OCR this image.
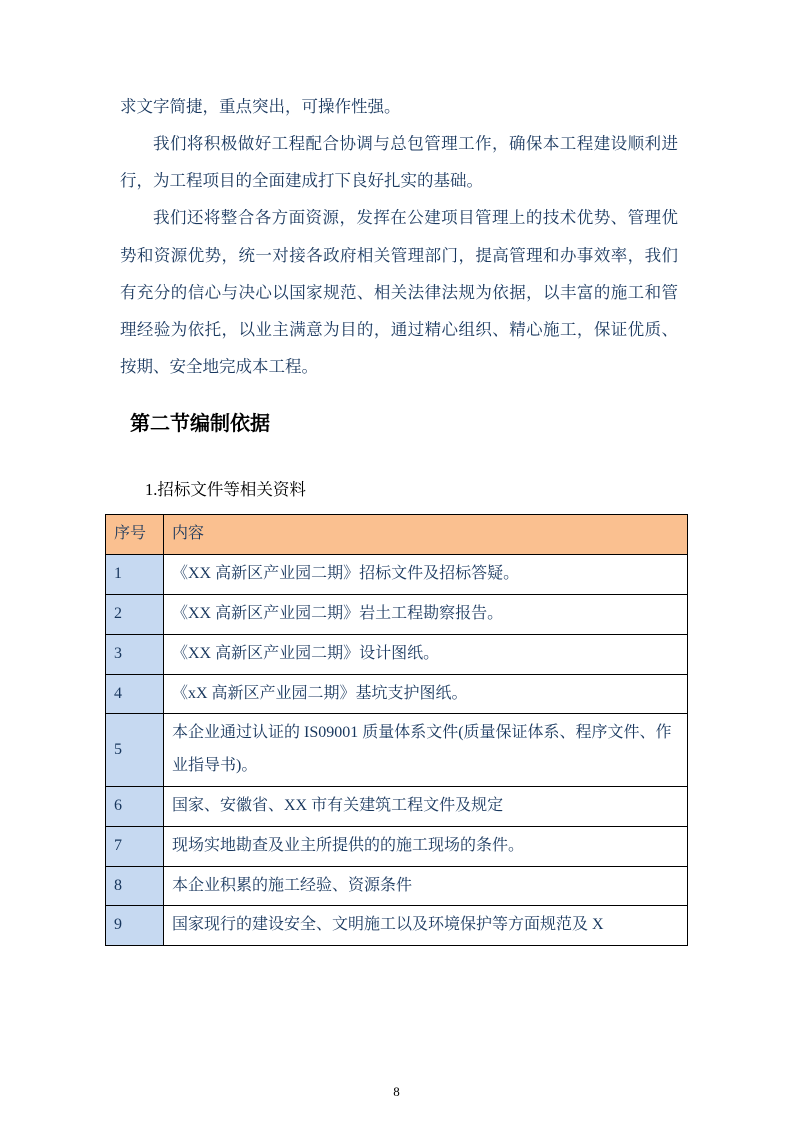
求文字简捷，重点突出，可操作性强。

我们将积极做好工程配合协调与总包管理工作，确保本工程建设顺利进行，为工程项目的全面建成打下良好扎实的基础。

我们还将整合各方面资源，发挥在公建项目管理上的技术优势、管理优势和资源优势，统一对接各政府相关管理部门，提高管理和办事效率，我们有充分的信心与决心以国家规范、相关法律法规为依据，以丰富的施工和管理经验为依托，以业主满意为目的，通过精心组织、精心施工，保证优质、按期、安全地完成本工程。

第二节编制依据

1.招标文件等相关资料

序号	内容
1	《XX 高新区产业园二期》招标文件及招标答疑。
2	《XX 高新区产业园二期》岩土工程勘察报告。
3	《XX 高新区产业园二期》设计图纸。
4	《xX 高新区产业园二期》基坑支护图纸。
5	本企业通过认证的 IS09001 质量体系文件(质量保证体系、程序文件、作业指导书)。
6	国家、安徽省、XX 市有关建筑工程文件及规定
7	现场实地勘查及业主所提供的的施工现场的条件。
8	本企业积累的施工经验、资源条件
9	国家现行的建设安全、文明施工以及环境保护等方面规范及 X
8
